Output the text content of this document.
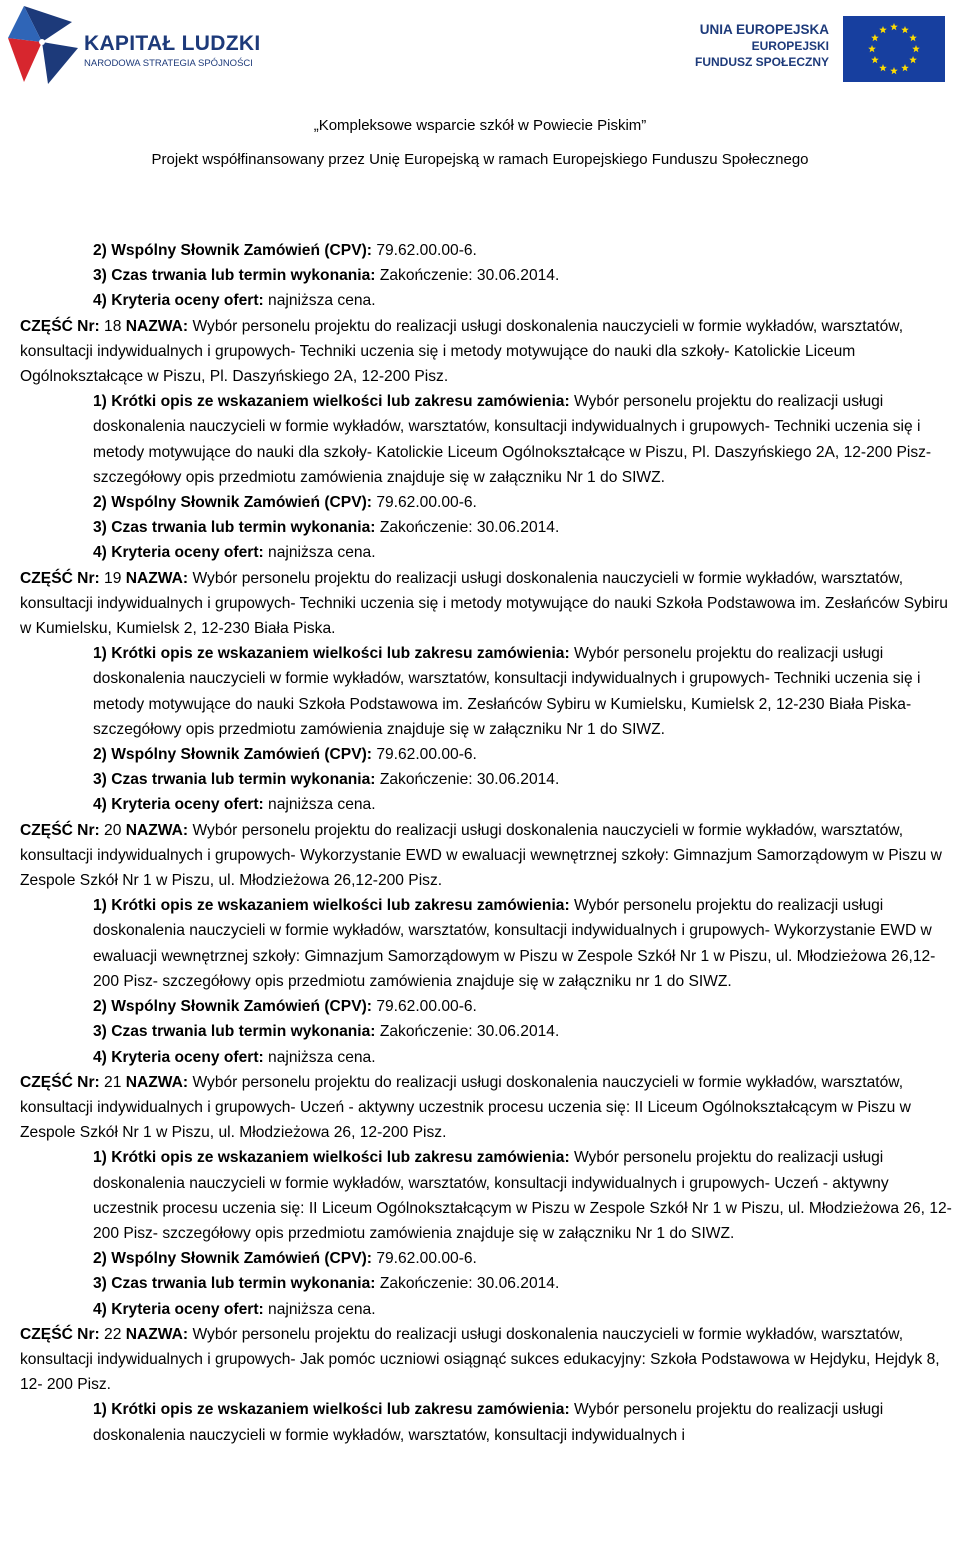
KAPITAŁ LUDZKI
NARODOWA STRATEGIA SPÓJNOŚCI
UNIA EUROPEJSKA
EUROPEJSKI
FUNDUSZ SPOŁECZNY
„Kompleksowe wsparcie szkół w Powiecie Piskim”
Projekt współfinansowany przez Unię Europejską w ramach Europejskiego Funduszu Społecznego

2) Wspólny Słownik Zamówień (CPV): 79.62.00.00-6.

3) Czas trwania lub termin wykonania: Zakończenie: 30.06.2014.

4) Kryteria oceny ofert: najniższa cena.

CZĘŚĆ Nr: 18 NAZWA: Wybór personelu projektu do realizacji usługi doskonalenia nauczycieli w formie wykładów, warsztatów, konsultacji indywidualnych i grupowych- Techniki uczenia się i metody motywujące do nauki dla szkoły- Katolickie Liceum Ogólnokształcące w Piszu, Pl. Daszyńskiego 2A, 12-200 Pisz.

1) Krótki opis ze wskazaniem wielkości lub zakresu zamówienia: Wybór personelu projektu do realizacji usługi doskonalenia nauczycieli w formie wykładów, warsztatów, konsultacji indywidualnych i grupowych- Techniki uczenia się i metody motywujące do nauki dla szkoły- Katolickie Liceum Ogólnokształcące w Piszu, Pl. Daszyńskiego 2A, 12-200 Pisz- szczegółowy opis przedmiotu zamówienia znajduje się w załączniku Nr 1 do SIWZ.

2) Wspólny Słownik Zamówień (CPV): 79.62.00.00-6.

3) Czas trwania lub termin wykonania: Zakończenie: 30.06.2014.

4) Kryteria oceny ofert: najniższa cena.

CZĘŚĆ Nr: 19 NAZWA: Wybór personelu projektu do realizacji usługi doskonalenia nauczycieli w formie wykładów, warsztatów, konsultacji indywidualnych i grupowych- Techniki uczenia się i metody motywujące do nauki Szkoła Podstawowa im. Zesłańców Sybiru w Kumielsku, Kumielsk 2, 12-230 Biała Piska.

1) Krótki opis ze wskazaniem wielkości lub zakresu zamówienia: Wybór personelu projektu do realizacji usługi doskonalenia nauczycieli w formie wykładów, warsztatów, konsultacji indywidualnych i grupowych- Techniki uczenia się i metody motywujące do nauki Szkoła Podstawowa im. Zesłańców Sybiru w Kumielsku, Kumielsk 2, 12-230 Biała Piska- szczegółowy opis przedmiotu zamówienia znajduje się w załączniku Nr 1 do SIWZ.

2) Wspólny Słownik Zamówień (CPV): 79.62.00.00-6.

3) Czas trwania lub termin wykonania: Zakończenie: 30.06.2014.

4) Kryteria oceny ofert: najniższa cena.

CZĘŚĆ Nr: 20 NAZWA: Wybór personelu projektu do realizacji usługi doskonalenia nauczycieli w formie wykładów, warsztatów, konsultacji indywidualnych i grupowych- Wykorzystanie EWD w ewaluacji wewnętrznej szkoły: Gimnazjum Samorządowym w Piszu w Zespole Szkół Nr 1 w Piszu, ul. Młodzieżowa 26,12-200 Pisz.

1) Krótki opis ze wskazaniem wielkości lub zakresu zamówienia: Wybór personelu projektu do realizacji usługi doskonalenia nauczycieli w formie wykładów, warsztatów, konsultacji indywidualnych i grupowych- Wykorzystanie EWD w ewaluacji wewnętrznej szkoły: Gimnazjum Samorządowym w Piszu w Zespole Szkół Nr 1 w Piszu, ul. Młodzieżowa 26,12-200 Pisz- szczegółowy opis przedmiotu zamówienia znajduje się w załączniku nr 1 do SIWZ.

2) Wspólny Słownik Zamówień (CPV): 79.62.00.00-6.

3) Czas trwania lub termin wykonania: Zakończenie: 30.06.2014.

4) Kryteria oceny ofert: najniższa cena.

CZĘŚĆ Nr: 21 NAZWA: Wybór personelu projektu do realizacji usługi doskonalenia nauczycieli w formie wykładów, warsztatów, konsultacji indywidualnych i grupowych- Uczeń - aktywny uczestnik procesu uczenia się: II Liceum Ogólnokształcącym w Piszu w Zespole Szkół Nr 1 w Piszu, ul. Młodzieżowa 26, 12-200 Pisz.

1) Krótki opis ze wskazaniem wielkości lub zakresu zamówienia: Wybór personelu projektu do realizacji usługi doskonalenia nauczycieli w formie wykładów, warsztatów, konsultacji indywidualnych i grupowych- Uczeń - aktywny uczestnik procesu uczenia się: II Liceum Ogólnokształcącym w Piszu w Zespole Szkół Nr 1 w Piszu, ul. Młodzieżowa 26, 12-200 Pisz- szczegółowy opis przedmiotu zamówienia znajduje się w załączniku Nr 1 do SIWZ.

2) Wspólny Słownik Zamówień (CPV): 79.62.00.00-6.

3) Czas trwania lub termin wykonania: Zakończenie: 30.06.2014.

4) Kryteria oceny ofert: najniższa cena.

CZĘŚĆ Nr: 22 NAZWA: Wybór personelu projektu do realizacji usługi doskonalenia nauczycieli w formie wykładów, warsztatów, konsultacji indywidualnych i grupowych- Jak pomóc uczniowi osiągnąć sukces edukacyjny: Szkoła Podstawowa w Hejdyku, Hejdyk 8, 12- 200 Pisz.

1) Krótki opis ze wskazaniem wielkości lub zakresu zamówienia: Wybór personelu projektu do realizacji usługi doskonalenia nauczycieli w formie wykładów, warsztatów, konsultacji indywidualnych i
